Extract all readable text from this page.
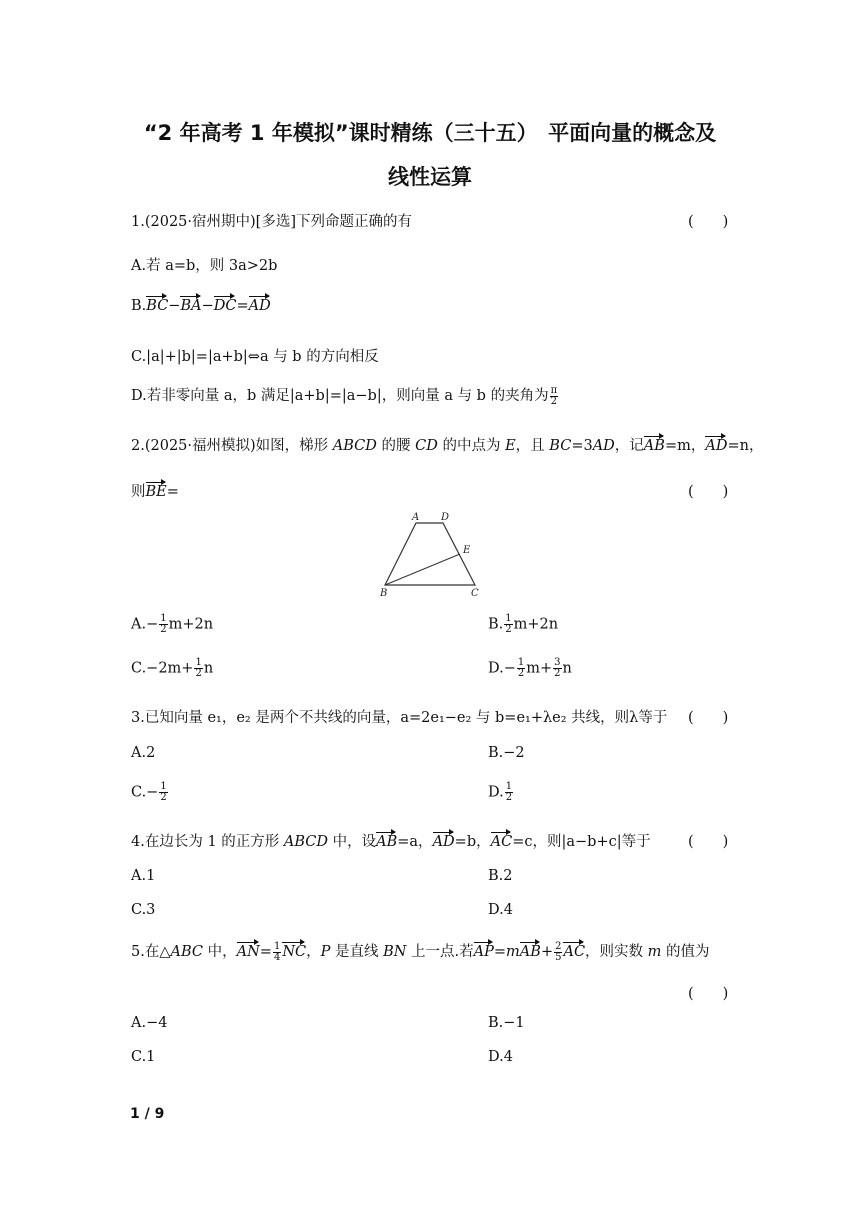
“2 年高考 1 年模拟”课时精练（三十五）　平面向量的概念及
线性运算
1.(2025·宿州期中)[多选]下列命题正确的有	(　　)
A.若 a=b，则 3a>2b
B.BC−BA−DC=AD
C.|a|+|b|=|a+b|⇔a 与 b 的方向相反
D.若非零向量 a，b 满足|a+b|=|a−b|，则向量 a 与 b 的夹角为 $\frac{\pi}{2}$
2.(2025·福州模拟)如图，梯形 ABCD 的腰 CD 的中点为 E，且 BC=3AD，记AB=m，AD=n，
则BE=	(　　)
A D
E
B	C
$A.- \frac{1}{2} m+2n$	B. $\frac{1}{2} m+2n$
$C.-2m+ \frac{1}{2}$ n	$D.- \frac{1}{2} m+ \frac{3}{2}$ n
3.已知向量 e₁，e₂ 是两个不共线的向量，a=2e₁−e₂ 与 b=e₁+λe₂ 共线，则λ等于 (　　)
A.2	B.−2
$C.- \frac{1}{2}$	D. $\frac{1}{2}$
4.在边长为 1 的正方形 ABCD 中，设AB=a，AD=b，AC=c，则|a−b+c|等于	(　　)
A.1	B.2
C.3	D.4
5.在△ABC 中，$AN= \frac{1}{4}$ NC，P 是直线 BN 上一点.若$AP=mAB+ \frac{2}{5}$ AC，则实数 m 的值为
(　　)
A.−4	B.−1
C.1	D.4
1 / 9
